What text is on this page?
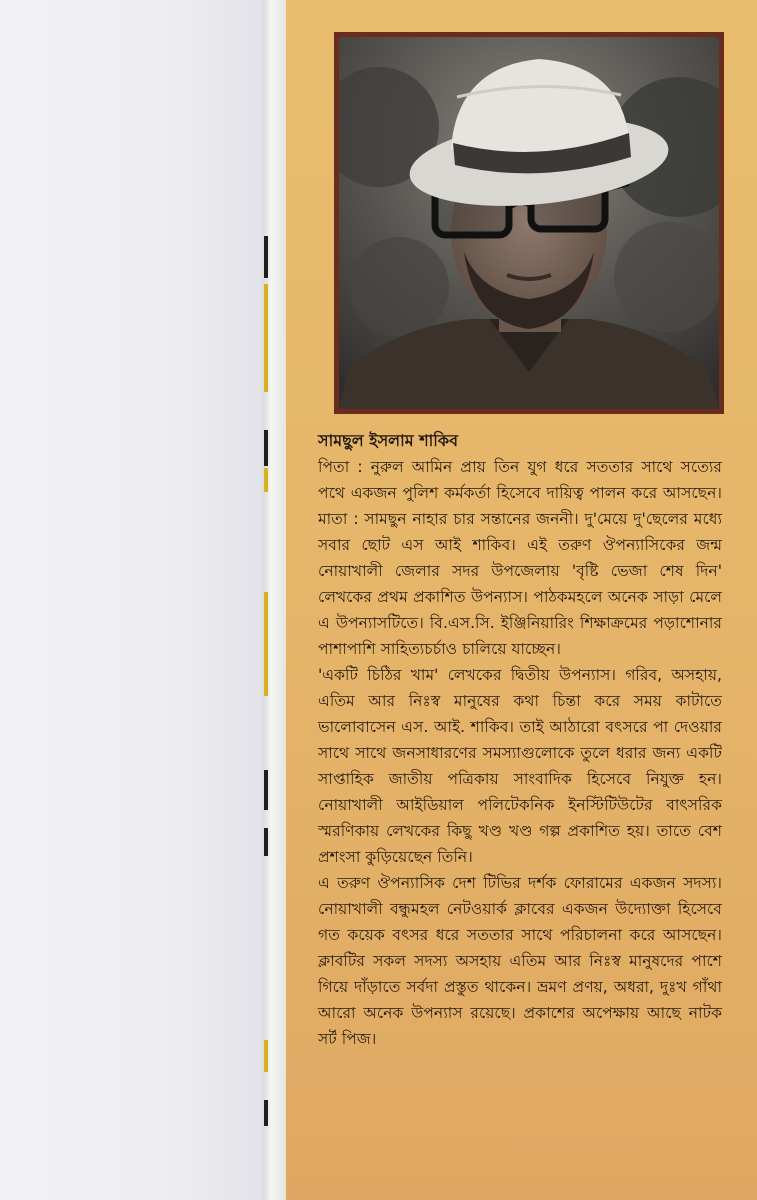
সামছুল ইসলাম শাকিব

পিতা : নুরুল আমিন প্রায় তিন যুগ ধরে সততার সাথে সত্যের পথে একজন পুলিশ কর্মকর্তা হিসেবে দায়িত্ব পালন করে আসছেন। মাতা : সামছুন নাহার চার সন্তানের জননী। দু'মেয়ে দু'ছেলের মধ্যে সবার ছোট এস আই শাকিব। এই তরুণ ঔপন্যাসিকের জন্ম নোয়াখালী জেলার সদর উপজেলায় 'বৃষ্টি ভেজা শেষ দিন' লেখকের প্রথম প্রকাশিত উপন্যাস। পাঠকমহলে অনেক সাড়া মেলে এ উপন্যাসটিতে। বি.এস.সি. ইঞ্জিনিয়ারিং শিক্ষাক্রমের পড়াশোনার পাশাপাশি সাহিত্যচর্চাও চালিয়ে যাচ্ছেন।

'একটি চিঠির খাম' লেখকের দ্বিতীয় উপন্যাস। গরিব, অসহায়, এতিম আর নিঃস্ব মানুষের কথা চিন্তা করে সময় কাটাতে ভালোবাসেন এস. আই. শাকিব। তাই আঠারো বৎসরে পা দেওয়ার সাথে সাথে জনসাধারণের সমস্যাগুলোকে তুলে ধরার জন্য একটি সাপ্তাহিক জাতীয় পত্রিকায় সাংবাদিক হিসেবে নিযুক্ত হন। নোয়াখালী আইডিয়াল পলিটেকনিক ইনস্টিটিউটের বাৎসরিক স্মরণিকায় লেখকের কিছু খণ্ড খণ্ড গল্প প্রকাশিত হয়। তাতে বেশ প্রশংসা কুড়িয়েছেন তিনি।

এ তরুণ ঔপন্যাসিক দেশ টিভির দর্শক ফোরামের একজন সদস্য। নোয়াখালী বন্ধুমহল নেটওয়ার্ক ক্লাবের একজন উদ্যোক্তা হিসেবে গত কয়েক বৎসর ধরে সততার সাথে পরিচালনা করে আসছেন। ক্লাবটির সকল সদস্য অসহায় এতিম আর নিঃস্ব মানুষদের পাশে গিয়ে দাঁড়াতে সর্বদা প্রস্তুত থাকেন। ভ্রমণ প্রণয়, অধরা, দুঃখ গাঁথা আরো অনেক উপন্যাস রয়েছে। প্রকাশের অপেক্ষায় আছে নাটক সর্ট পিজ।
